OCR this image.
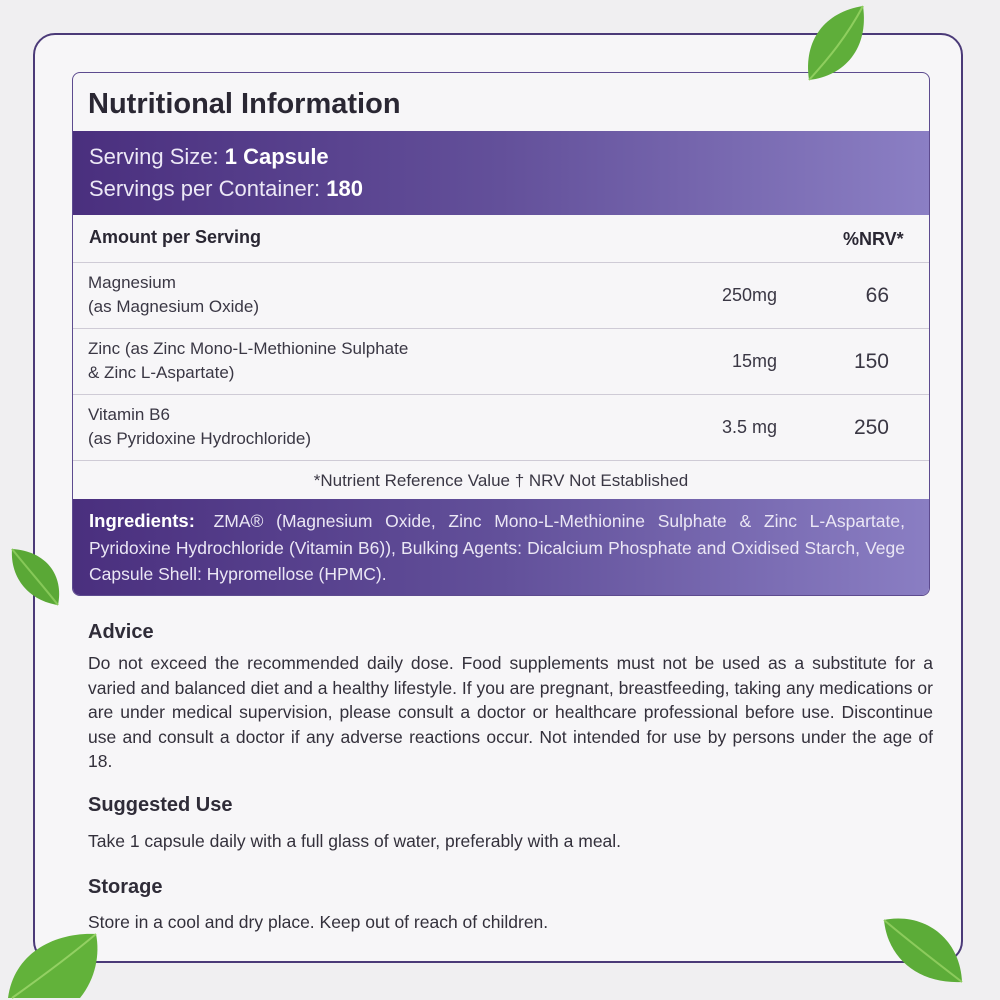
Nutritional Information
Serving Size: 1 Capsule
Servings per Container: 180
Amount per Serving	%NRV*
Magnesium
(as Magnesium Oxide)
250mg	66
Zinc (as Zinc Mono-L-Methionine Sulphate
& Zinc L-Aspartate)
15mg	150
Vitamin B6
(as Pyridoxine Hydrochloride)
3.5 mg	250
*Nutrient Reference Value † NRV Not Established
Ingredients: ZMA® (Magnesium Oxide, Zinc Mono-L-Methionine Sulphate & Zinc L-Aspartate, Pyridoxine Hydrochloride (Vitamin B6)), Bulking Agents: Dicalcium Phosphate and Oxidised Starch, Vege Capsule Shell: Hypromellose (HPMC).
Advice
Do not exceed the recommended daily dose. Food supplements must not be used as a substitute for a varied and balanced diet and a healthy lifestyle. If you are pregnant, breastfeeding, taking any medications or are under medical supervision, please consult a doctor or healthcare professional before use. Discontinue use and consult a doctor if any adverse reactions occur. Not intended for use by persons under the age of 18.
Suggested Use
Take 1 capsule daily with a full glass of water, preferably with a meal.
Storage
Store in a cool and dry place. Keep out of reach of children.
